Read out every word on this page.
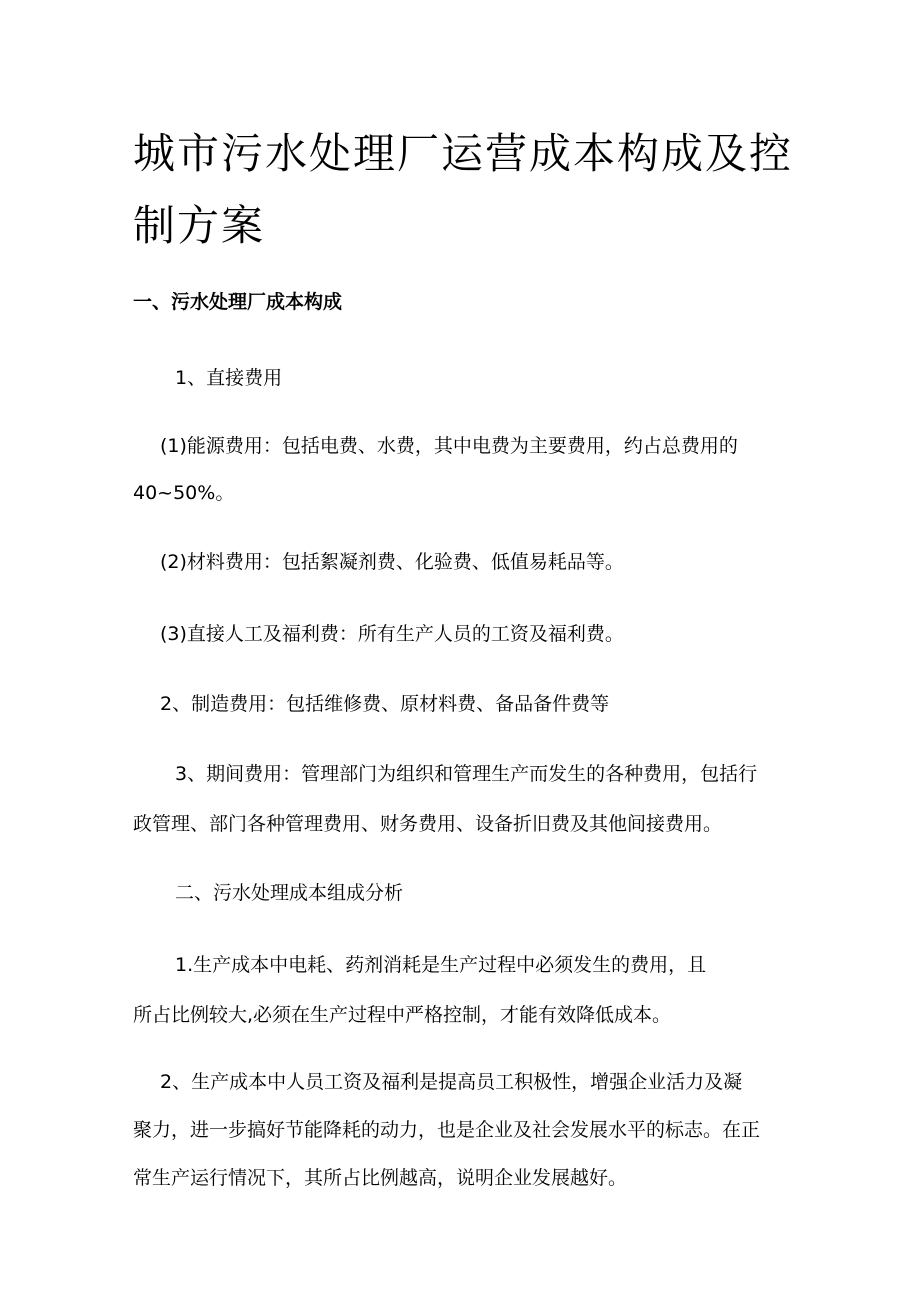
城市污水处理厂运营成本构成及控
制方案

一、污水处理厂成本构成

1、直接费用

(1)能源费用：包括电费、水费，其中电费为主要费用，约占总费用的

40~50%。

(2)材料费用：包括絮凝剂费、化验费、低值易耗品等。

(3)直接人工及福利费：所有生产人员的工资及福利费。

2、制造费用：包括维修费、原材料费、备品备件费等

3、期间费用：管理部门为组织和管理生产而发生的各种费用，包括行

政管理、部门各种管理费用、财务费用、设备折旧费及其他间接费用。

二、污水处理成本组成分析

1.生产成本中电耗、药剂消耗是生产过程中必须发生的费用，且

所占比例较大,必须在生产过程中严格控制，才能有效降低成本。

2、生产成本中人员工资及福利是提高员工积极性，增强企业活力及凝

聚力，进一步搞好节能降耗的动力，也是企业及社会发展水平的标志。在正

常生产运行情况下，其所占比例越高，说明企业发展越好。
